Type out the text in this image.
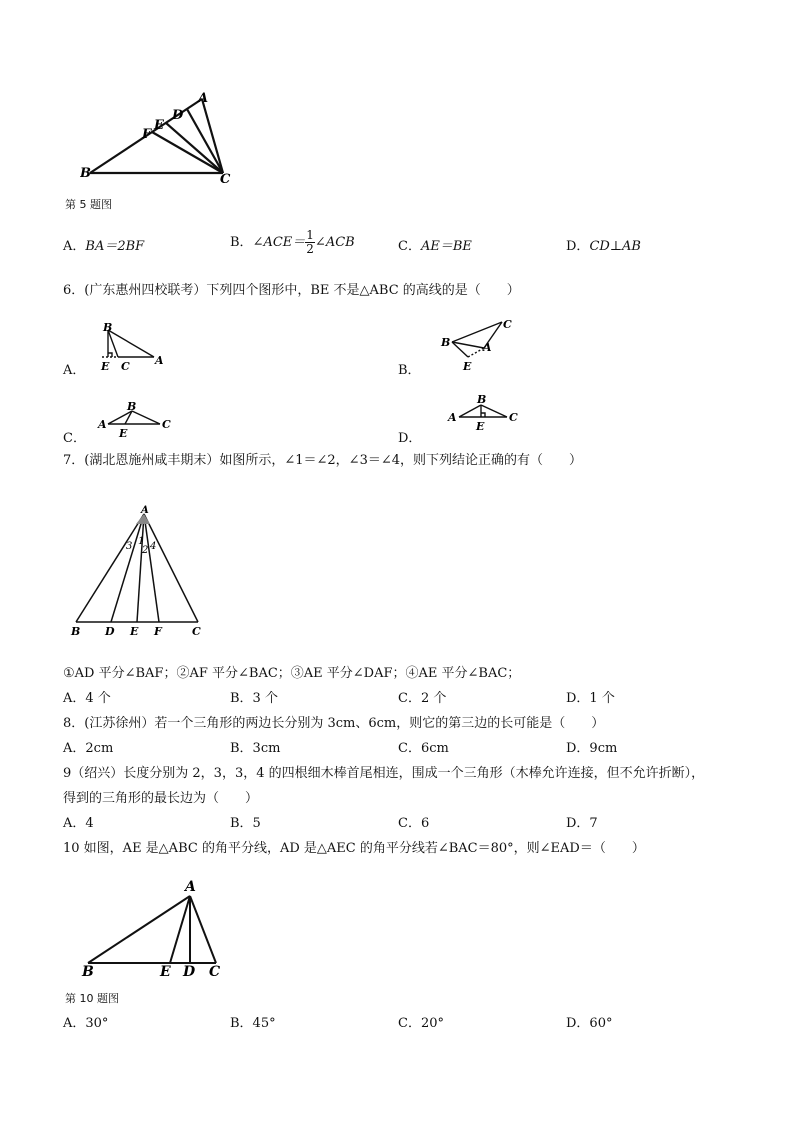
A
D
E
F
B	C
第 5 题图
A．BA＝2BF	B．∠ACE＝ $\frac{1}{2}$ ∠ACB	C．AE＝BE	D．CD⊥AB
6．(广东惠州四校联考）下列四个图形中，BE 不是△ABC 的高线的是（　　）
A．
B
E C A
B．
C
B	A
E
C．
B
A
E
C
D．
B
A
E
C
7．(湖北恩施州咸丰期末）如图所示，∠1＝∠2，∠3＝∠4，则下列结论正确的有（　　）
A
3 1
2 4
B D E F	C
①AD 平分∠BAF；②AF 平分∠BAC；③AE 平分∠DAF；④AE 平分∠BAC；
A．4 个	B．3 个	C．2 个	D．1 个
8．(江苏徐州）若一个三角形的两边长分别为 3cm、6cm，则它的第三边的长可能是（　　）
A．2cm	B．3cm	C．6cm	D．9cm
9（绍兴）长度分别为 2，3，3，4 的四根细木棒首尾相连，围成一个三角形（木棒允许连接，但不允许折断），
得到的三角形的最长边为（　　）
A．4	B．5	C．6	D．7
10 如图，AE 是△ABC 的角平分线，AD 是△AEC 的角平分线若∠BAC＝80°，则∠EAD＝（　　）
A
B	E D C
第 10 题图
A．30°	B．45°	C．20°	D．60°
